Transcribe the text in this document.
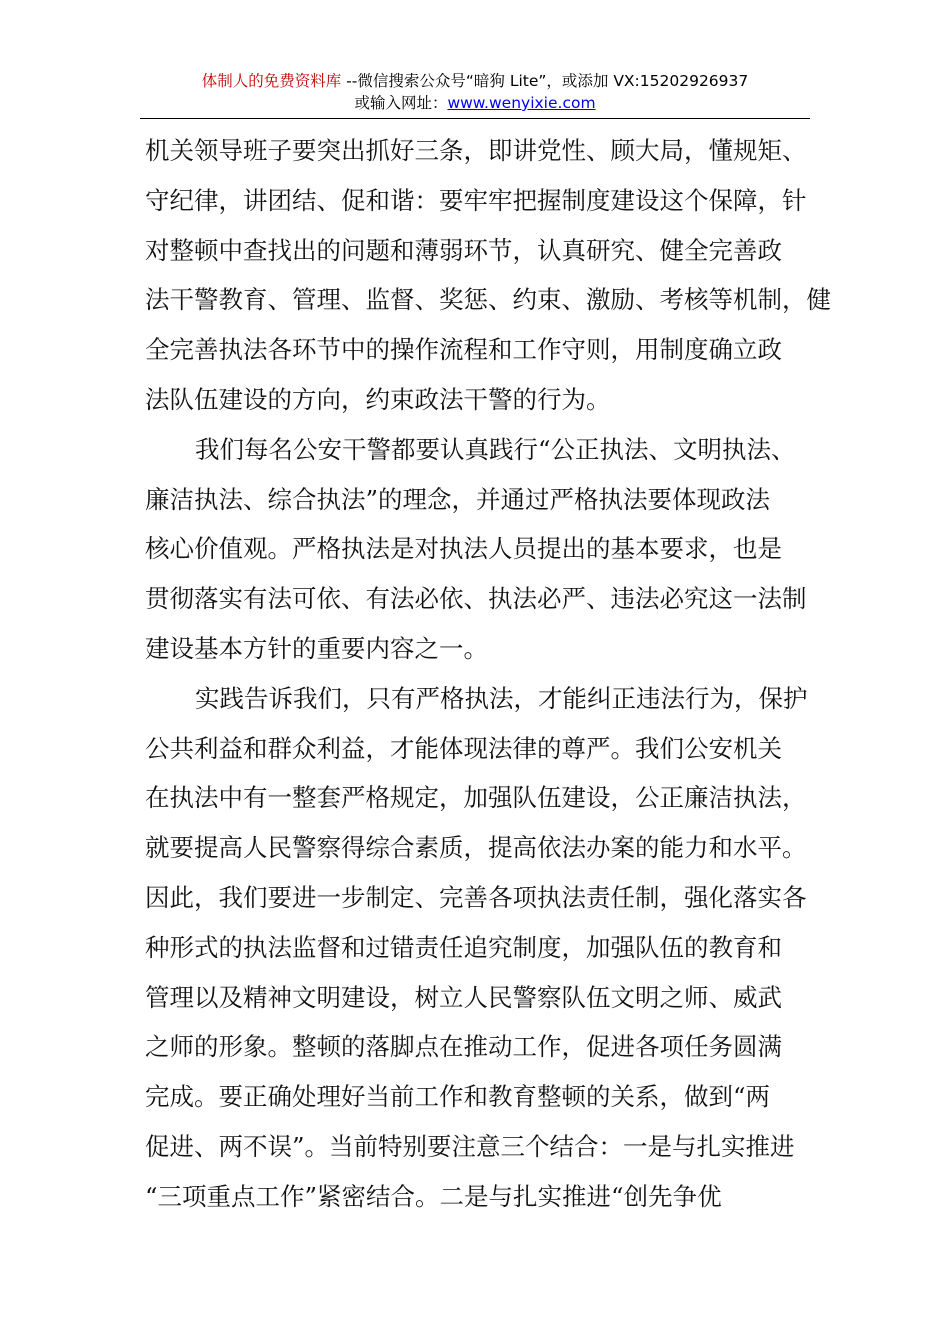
体制人的免费资料库 --微信搜索公众号“暗狗 Lite”，或添加 VX:15202926937
或输入网址：www.wenyixie.com
机关领导班子要突出抓好三条，即讲党性、顾大局，懂规矩、
守纪律，讲团结、促和谐：要牢牢把握制度建设这个保障，针
对整顿中查找出的问题和薄弱环节，认真研究、健全完善政
法干警教育、管理、监督、奖惩、约束、激励、考核等机制，健
全完善执法各环节中的操作流程和工作守则，用制度确立政
法队伍建设的方向，约束政法干警的行为。
我们每名公安干警都要认真践行“公正执法、文明执法、
廉洁执法、综合执法”的理念，并通过严格执法要体现政法
核心价值观。严格执法是对执法人员提出的基本要求，也是
贯彻落实有法可依、有法必依、执法必严、违法必究这一法制
建设基本方针的重要内容之一。
实践告诉我们，只有严格执法，才能纠正违法行为，保护
公共利益和群众利益，才能体现法律的尊严。我们公安机关
在执法中有一整套严格规定，加强队伍建设，公正廉洁执法，
就要提高人民警察得综合素质，提高依法办案的能力和水平。
因此，我们要进一步制定、完善各项执法责任制，强化落实各
种形式的执法监督和过错责任追究制度，加强队伍的教育和
管理以及精神文明建设，树立人民警察队伍文明之师、威武
之师的形象。整顿的落脚点在推动工作，促进各项任务圆满
完成。要正确处理好当前工作和教育整顿的关系，做到“两
促进、两不误”。当前特别要注意三个结合：一是与扎实推进
“三项重点工作”紧密结合。二是与扎实推进“创先争优
